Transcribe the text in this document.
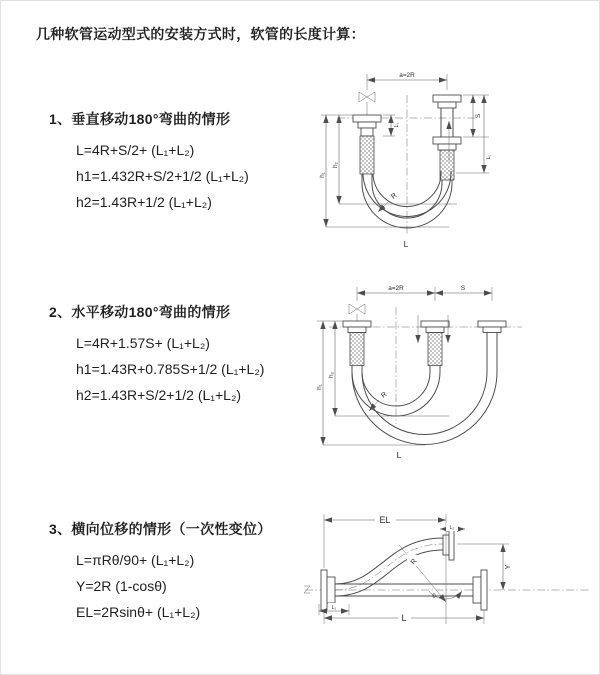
几种软管运动型式的安装方式时，软管的长度计算：
1、垂直移动180°弯曲的情形
L=4R+S/2+ (L₁+L₂)
h1=1.432R+S/2+1/2 (L₁+L₂)
h2=1.43R+1/2 (L₁+L₂)
2、水平移动180°弯曲的情形
L=4R+1.57S+ (L₁+L₂)
h1=1.43R+0.785S+1/2 (L₁+L₂)
h2=1.43R+S/2+1/2 (L₁+L₂)
3、横向位移的情形（一次性变位）
L=πRθ/90+ (L₁+L₂)
Y=2R (1-cosθ)
EL=2Rsinθ+ (L₁+L₂)
a=2R
L₁
S
L₁
h₁
h₂
R
L
a=2R	S
h₁
h₂
R
L
EL
L₂
Y
R
θ
L₁
L
